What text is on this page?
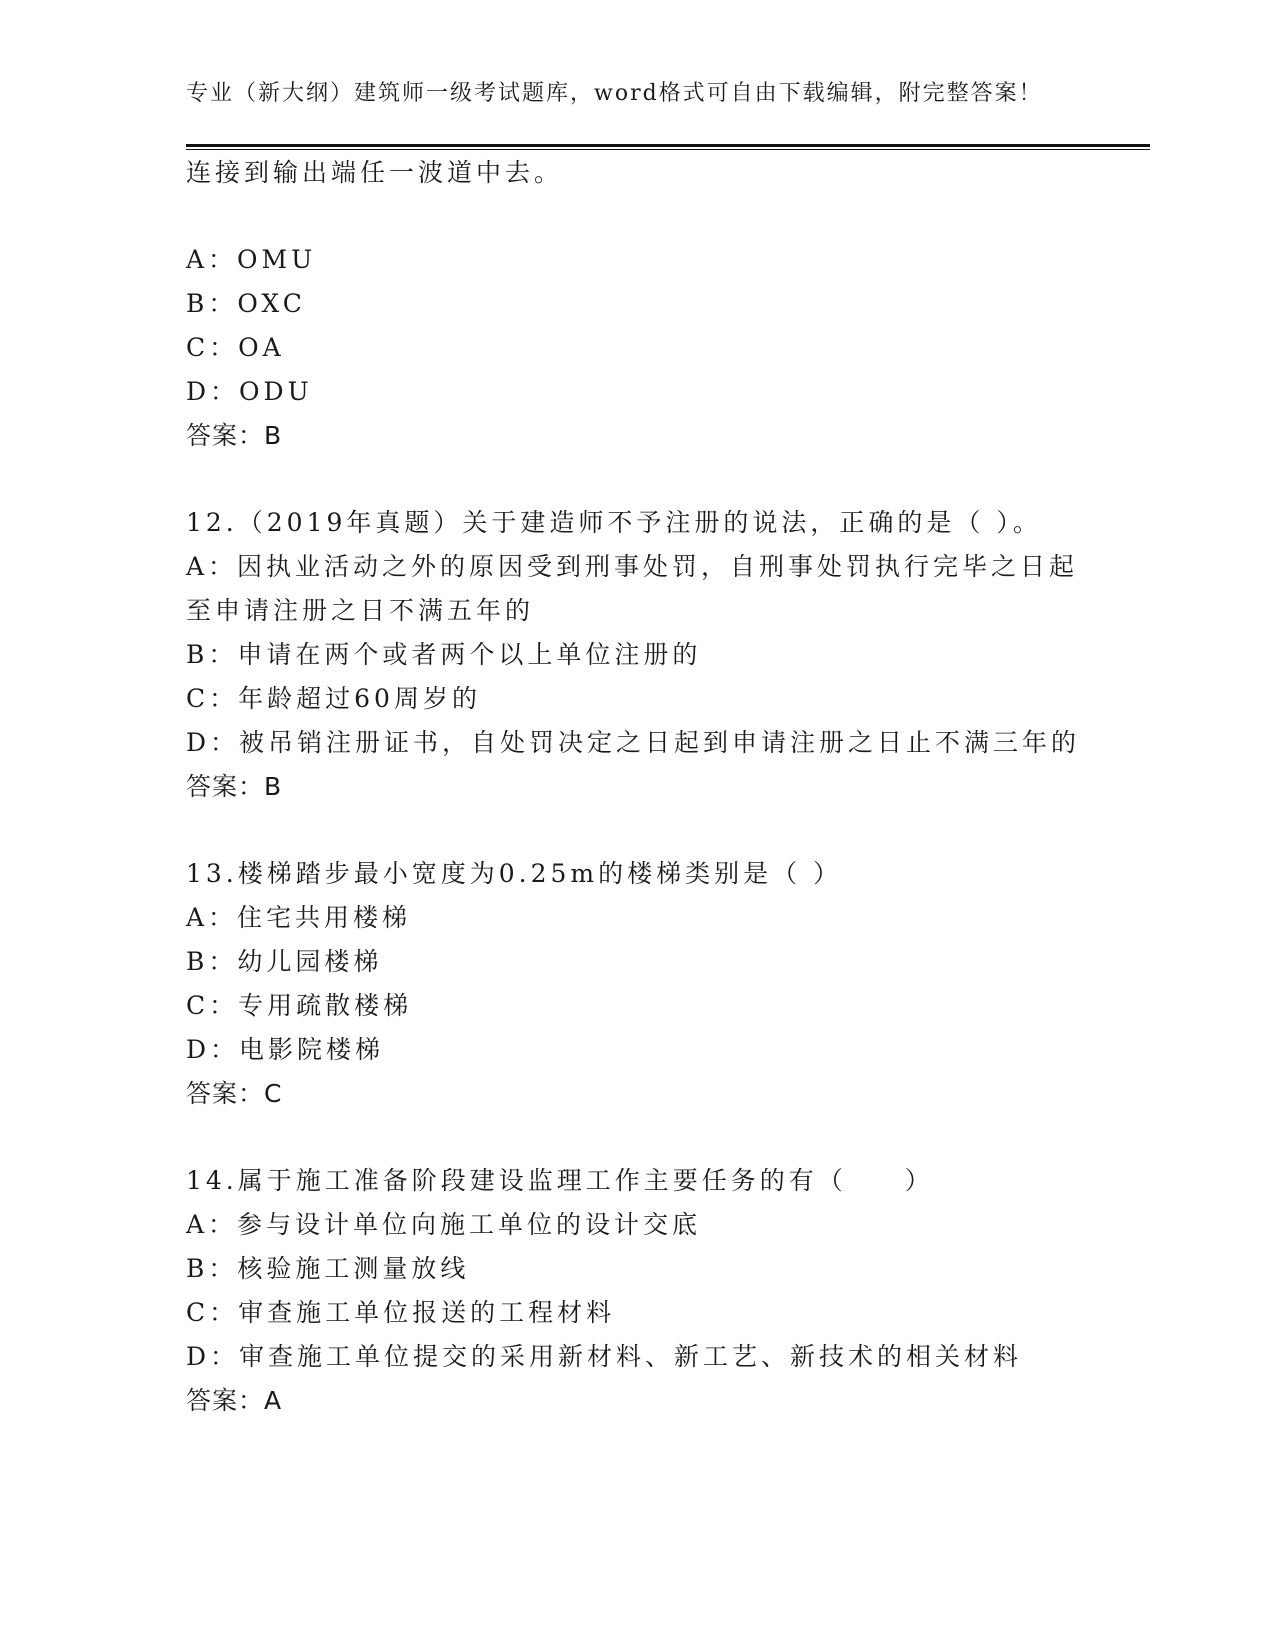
专业（新大纲）建筑师一级考试题库，word格式可自由下载编辑，附完整答案！
连接到输出端任一波道中去。
A：OMU
B：OXC
C：OA
D：ODU
答案：B
12.（2019年真题）关于建造师不予注册的说法，正确的是（ ）。
A：因执业活动之外的原因受到刑事处罚，自刑事处罚执行完毕之日起
至申请注册之日不满五年的
B：申请在两个或者两个以上单位注册的
C：年龄超过60周岁的
D：被吊销注册证书，自处罚决定之日起到申请注册之日止不满三年的
答案：B
13.楼梯踏步最小宽度为0.25m的楼梯类别是（ ）
A：住宅共用楼梯
B：幼儿园楼梯
C：专用疏散楼梯
D：电影院楼梯
答案：C
14.属于施工准备阶段建设监理工作主要任务的有（　　）
A：参与设计单位向施工单位的设计交底
B：核验施工测量放线
C：审查施工单位报送的工程材料
D：审查施工单位提交的采用新材料、新工艺、新技术的相关材料
答案：A
